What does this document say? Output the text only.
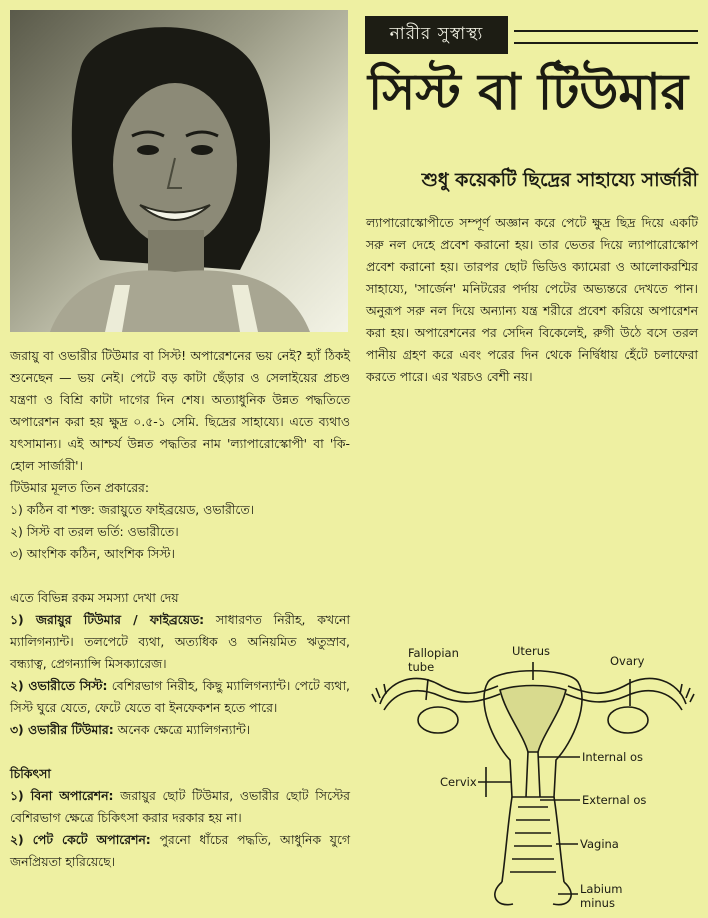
নারীর সুস্বাস্থ্য
সিস্ট বা টিউমার
শুধু কয়েকটি ছিদ্রের সাহায্যে সার্জারী
ল্যাপারোস্কোপীতে সম্পূর্ণ অজ্ঞান করে পেটে ক্ষুদ্র ছিদ্র দিয়ে একটি সরু নল দেহে প্রবেশ করানো হয়। তার ভেতর দিয়ে ল্যাপারোস্কোপ প্রবেশ করানো হয়। তারপর ছোট ভিডিও ক্যামেরা ও আলোকরশ্মির সাহায্যে, 'সার্জেন' মনিটরের পর্দায় পেটের অভ্যন্তরে দেখতে পান। অনুরূপ সরু নল দিয়ে অন্যান্য যন্ত্র শরীরে প্রবেশ করিয়ে অপারেশন করা হয়। অপারেশনের পর সেদিন বিকেলেই, রুগী উঠে বসে তরল পানীয় গ্রহণ করে এবং পরের দিন থেকে নির্দ্বিধায় হেঁটে চলাফেরা করতে পারে। এর খরচও বেশী নয়।

জরায়ু বা ওভারীর টিউমার বা সিস্ট! অপারেশনের ভয় নেই? হ্যাঁ ঠিকই শুনেছেন — ভয় নেই। পেটে বড় কাটা ছেঁড়ার ও সেলাইয়ের প্রচণ্ড যন্ত্রণা ও বিশ্রি কাটা দাগের দিন শেষ। অত্যাধুনিক উন্নত পদ্ধতিতে অপারেশন করা হয় ক্ষুদ্র ০.৫-১ সেমি. ছিদ্রের সাহায্যে। এতে ব্যথাও যৎসামান্য। এই আশ্চর্য উন্নত পদ্ধতির নাম 'ল্যাপারোস্কোপী' বা 'কি-হোল সার্জারী'।

টিউমার মূলত তিন প্রকারের:

১) কঠিন বা শক্ত: জরায়ুতে ফাইব্রয়েড, ওভারীতে।

২) সিস্ট বা তরল ভর্তি: ওভারীতে।

৩) আংশিক কঠিন, আংশিক সিস্ট।

এতে বিভিন্ন রকম সমস্যা দেখা দেয়

১) জরায়ুর টিউমার / ফাইব্রয়েড: সাধারণত নিরীহ, কখনো ম্যালিগন্যান্ট। তলপেটে ব্যথা, অত্যধিক ও অনিয়মিত ঋতুস্রাব, বন্ধ্যাত্ব, প্রেগন্যান্সি মিসক্যারেজ।

২) ওভারীতে সিস্ট: বেশিরভাগ নিরীহ, কিছু ম্যালিগন্যান্ট। পেটে ব্যথা, সিস্ট ঘুরে যেতে, ফেটে যেতে বা ইনফেকশন হতে পারে।

৩) ওভারীর টিউমার: অনেক ক্ষেত্রে ম্যালিগন্যান্ট।

চিকিৎসা

১) বিনা অপারেশন: জরায়ুর ছোট টিউমার, ওভারীর ছোট সিস্টের বেশিরভাগ ক্ষেত্রে চিকিৎসা করার দরকার হয় না।

২) পেট কেটে অপারেশন: পুরনো ধাঁচের পদ্ধতি, আধুনিক যুগে জনপ্রিয়তা হারিয়েছে।

Fallopian
tube
Uterus
Ovary
Internal os
Cervix
External os
Vagina
Labium
minus
